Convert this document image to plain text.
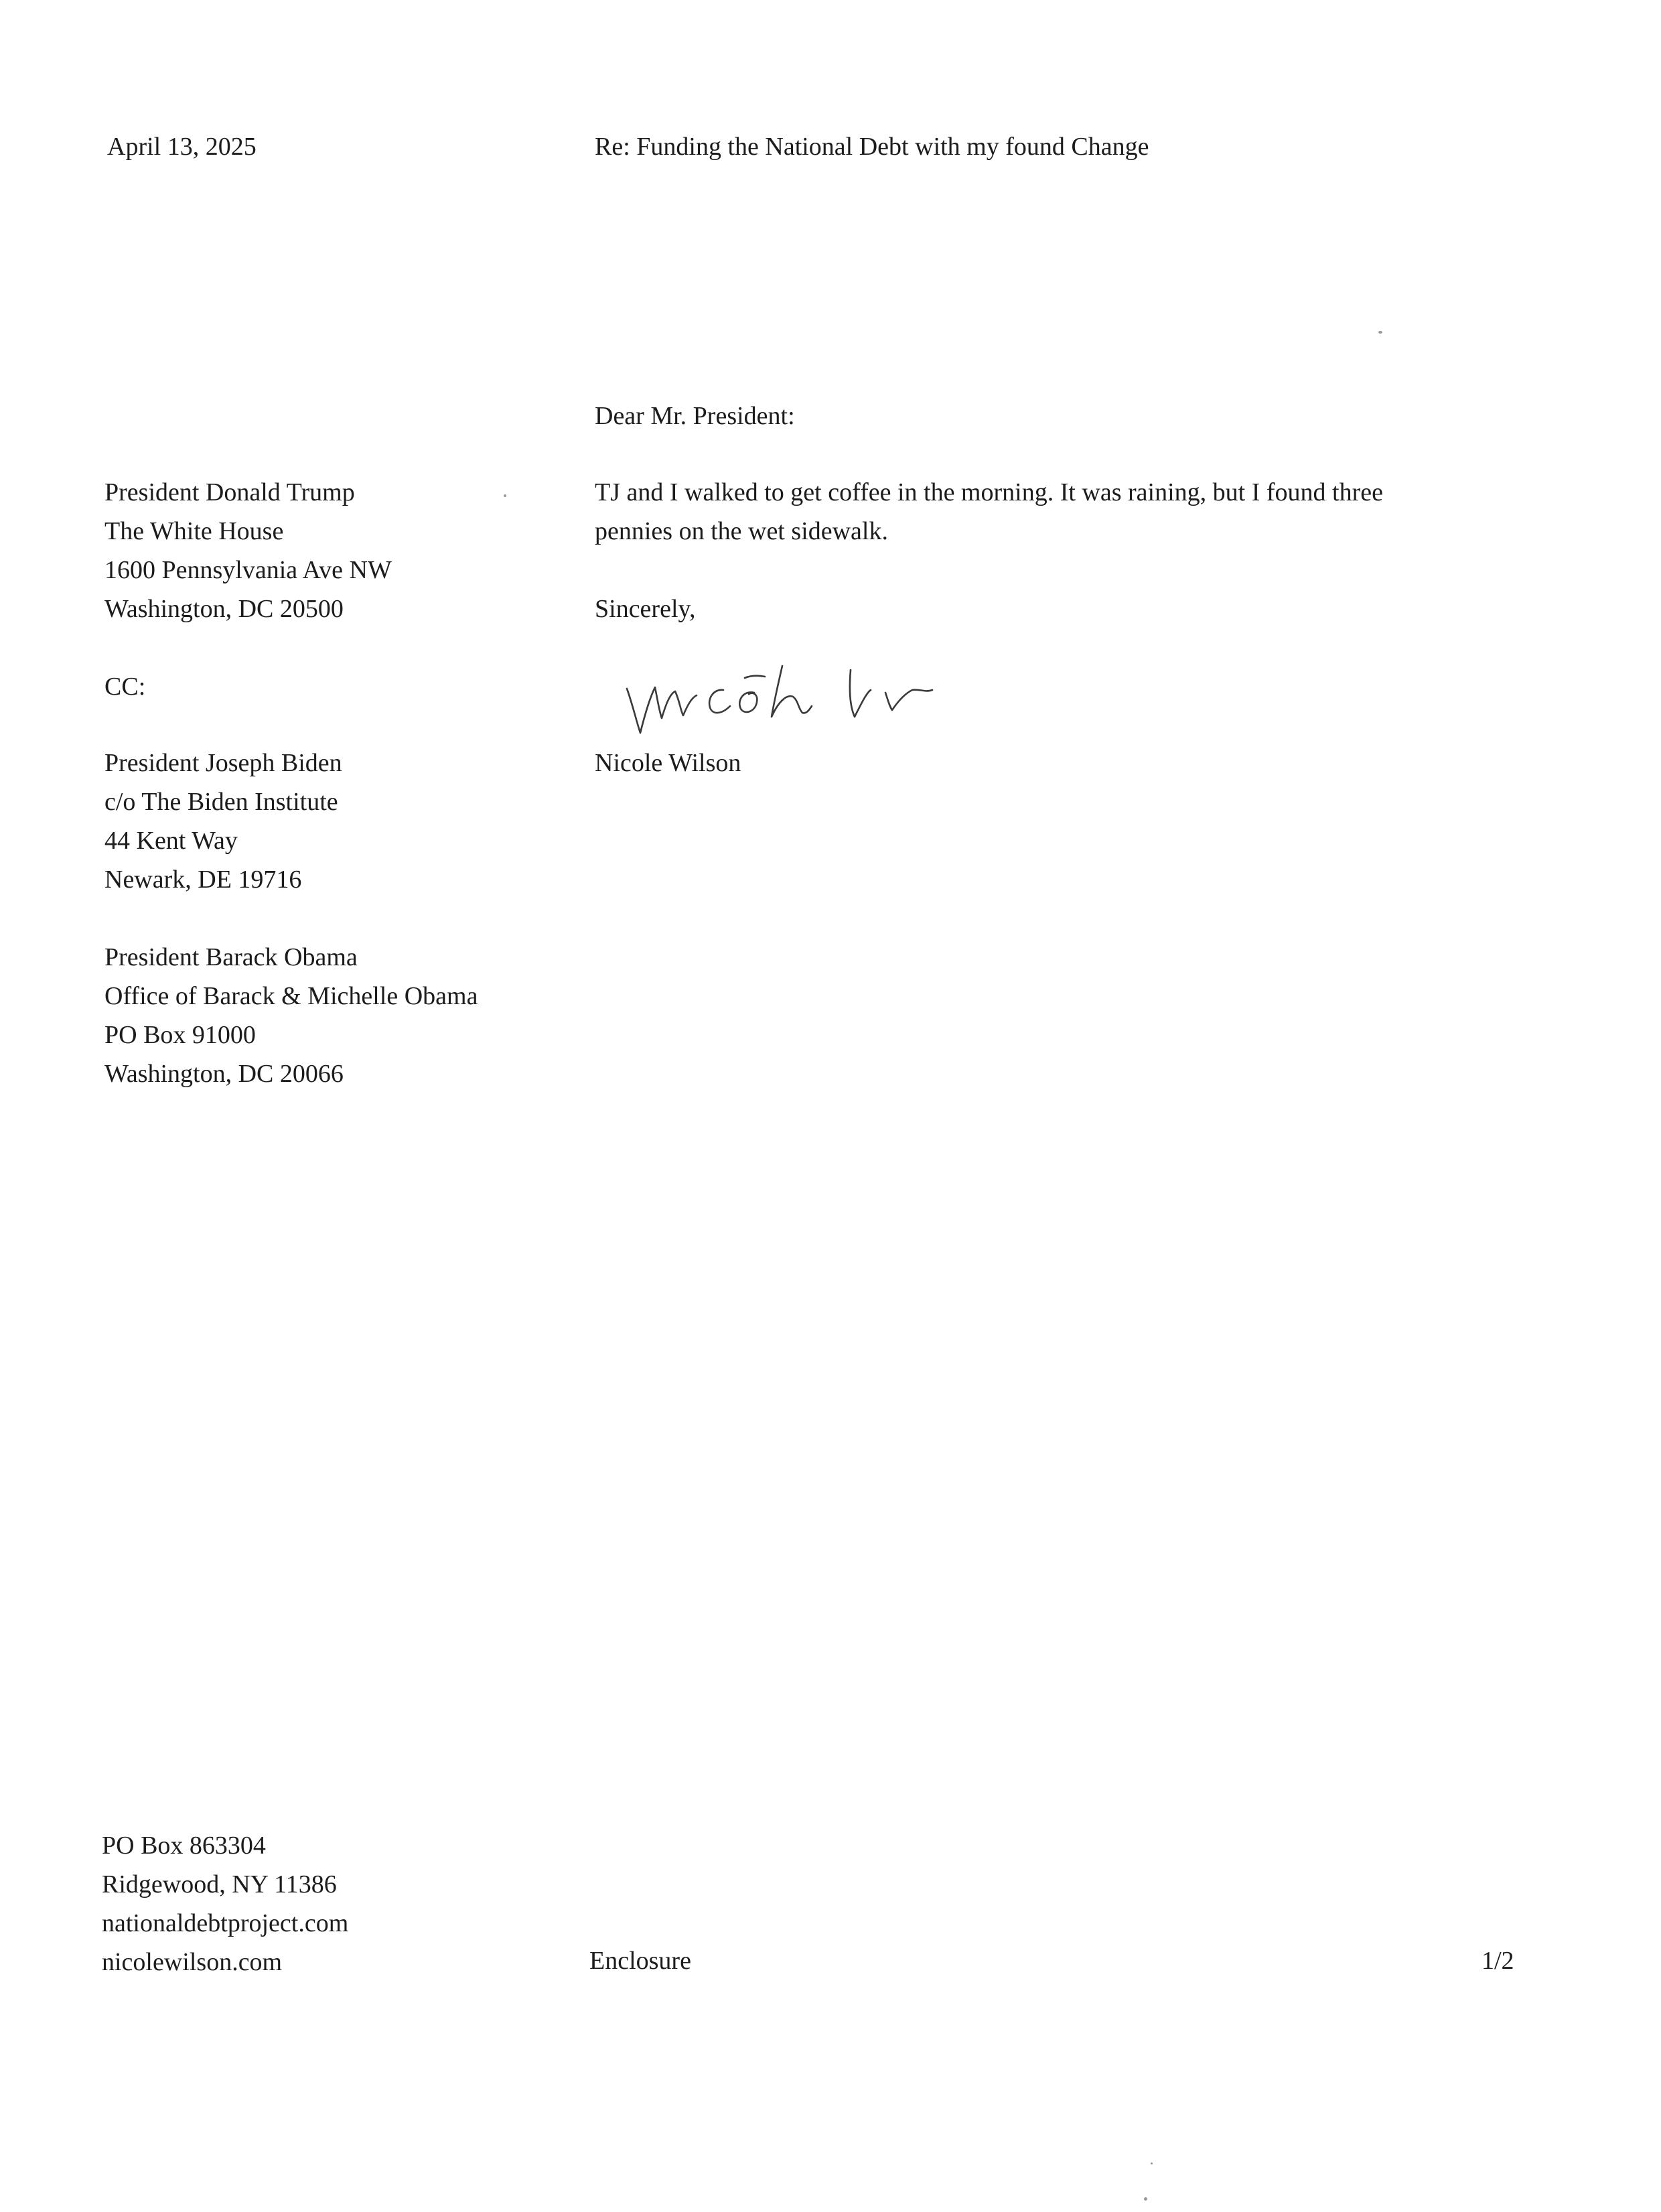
April 13, 2025	Re: Funding the National Debt with my found Change
Dear Mr. President:
President Donald Trump
The White House
1600 Pennsylvania Ave NW
Washington, DC 20500
CC:
President Joseph Biden
c/o The Biden Institute
44 Kent Way
Newark, DE 19716
President Barack Obama
Office of Barack & Michelle Obama
PO Box 91000
Washington, DC 20066
TJ and I walked to get coffee in the morning. It was raining, but I found three
pennies on the wet sidewalk.
Sincerely,
Nicole Wilson
PO Box 863304
Ridgewood, NY 11386
nationaldebtproject.com
nicolewilson.com	Enclosure	1/2
